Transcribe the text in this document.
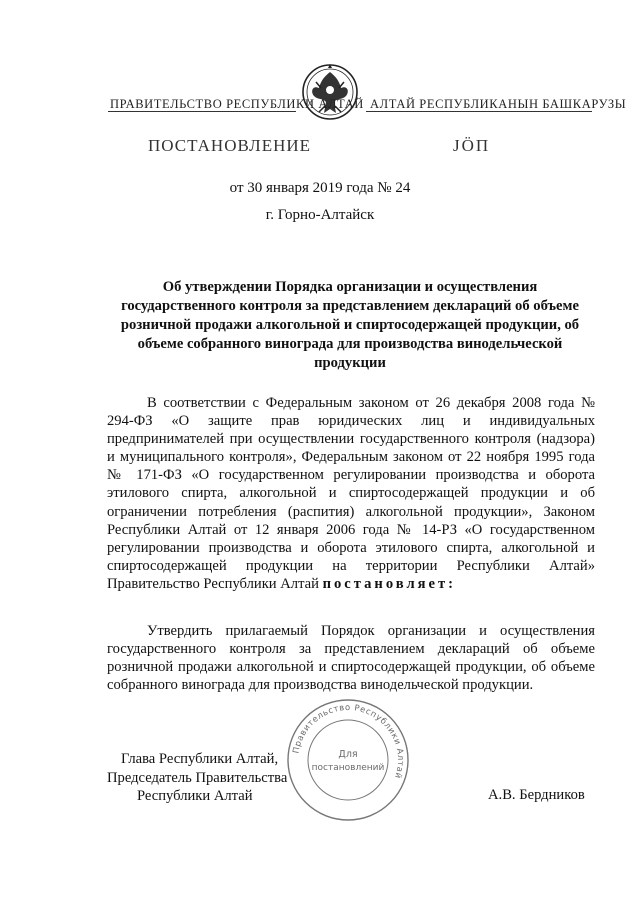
ПРАВИТЕЛЬСТВО РЕСПУБЛИКИ АЛТАЙ АЛТАЙ РЕСПУБЛИКАНЫН БАШКАРУЗЫ
ПОСТАНОВЛЕНИЕ	ЈӦП
от 30 января 2019 года № 24
г. Горно-Алтайск
Об утверждении Порядка организации и осуществления государственного контроля за представлением деклараций об объеме розничной продажи алкогольной и спиртосодержащей продукции, об объеме собранного винограда для производства винодельческой продукции

В соответствии с Федеральным законом от 26 декабря 2008 года № 294-ФЗ «О защите прав юридических лиц и индивидуальных предпринимателей при осуществлении государственного контроля (надзора) и муниципального контроля», Федеральным законом от 22 ноября 1995 года № 171-ФЗ «О государственном регулировании производства и оборота этилового спирта, алкогольной и спиртосодержащей продукции и об ограничении потребления (распития) алкогольной продукции», Законом Республики Алтай от 12 января 2006 года № 14-РЗ «О государственном регулировании производства и оборота этилового спирта, алкогольной и спиртосодержащей продукции на территории Республики Алтай» Правительство Республики Алтай постановляет:

Утвердить прилагаемый Порядок организации и осуществления государственного контроля за представлением деклараций об объеме розничной продажи алкогольной и спиртосодержащей продукции, об объеме собранного винограда для производства винодельческой продукции.

Глава Республики Алтай,
Председатель Правительства
Республики Алтай	А.В. Бердников
Правительство Республики Алтай
Для
постановлений
